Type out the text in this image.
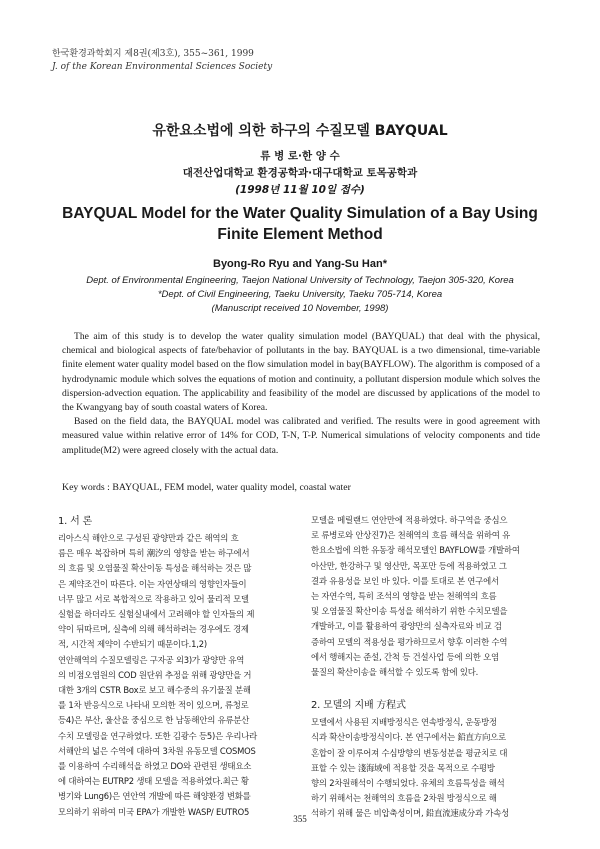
한국환경과학회지 제8권(제3호), 355~361, 1999
J. of the Korean Environmental Sciences Society
유한요소법에 의한 하구의 수질모델 BAYQUAL
류 병 로·한 양 수
대전산업대학교 환경공학과·대구대학교 토목공학과
(1998년 11월 10일 접수)
BAYQUAL Model for the Water Quality Simulation of a Bay Using Finite Element Method
Byong-Ro Ryu and Yang-Su Han*
Dept. of Environmental Engineering, Taejon National University of Technology, Taejon 305-320, Korea
*Dept. of Civil Engineering, Taeku University, Taeku 705-714, Korea
(Manuscript received 10 November, 1998)

The aim of this study is to develop the water quality simulation model (BAYQUAL) that deal with the physical, chemical and biological aspects of fate/behavior of pollutants in the bay. BAYQUAL is a two dimensional, time-variable finite element water quality model based on the flow simulation model in bay(BAYFLOW). The algorithm is composed of a hydrodynamic module which solves the equations of motion and continuity, a pollutant dispersion module which solves the dispersion-advection equation. The applicability and feasibility of the model are discussed by applications of the model to the Kwangyang bay of south coastal waters of Korea.

Based on the field data, the BAYQUAL model was calibrated and verified. The results were in good agreement with measured value within relative error of 14% for COD, T-N, T-P. Numerical simulations of velocity components and tide amplitude(M2) were agreed closely with the actual data.

Key words : BAYQUAL, FEM model, water quality model, coastal water
1. 서 론

리아스식 해안으로 구성된 광양만과 같은 해역의 흐

름은 매우 복잡하며 특히 潮汐의 영향을 받는 하구에서

의 흐름 및 오염물질 확산이동 특성을 해석하는 것은 많

은 제약조건이 따른다. 이는 자연상태의 영향인자들이

너무 많고 서로 복합적으로 작용하고 있어 물리적 모델

실험을 하더라도 실험실내에서 고려해야 할 인자들의 제

약이 뒤따르며, 실측에 의해 해석하려는 경우에도 경제

적, 시간적 제약이 수반되기 때문이다.1,2)

연안해역의 수질모델링은 구자공 외3)가 광양만 유역

의 비점오염원의 COD 원단위 추정을 위해 광양만을 거

대한 3개의 CSTR Box로 보고 해수중의 유기물질 분해

를 1차 반응식으로 나타내 모의한 적이 있으며, 류청로

등4)은 부산, 울산을 중심으로 한 남동해안의 유류분산

수치 모델링을 연구하였다. 또한 김광수 등5)은 우리나라

서해안의 넓은 수역에 대하여 3차원 유동모델 COSMOS

를 이용하여 수리해석을 하였고 DO와 관련된 생태요소

에 대하여는 EUTRP2 생태 모델을 적용하였다.최근 황

병기와 Lung6)은 연안역 개발에 따른 해양환경 변화를

모의하기 위하여 미국 EPA가 개발한 WASP/ EUTRO5

모델을 메릴랜드 연안만에 적용하였다. 하구역을 중심으

로 류병로와 안상진7)은 천해역의 흐름 해석을 위하여 유

한요소법에 의한 유동장 해석모델인 BAYFLOW를 개발하여

아산만, 한강하구 및 영산만, 목포만 등에 적용하였고 그

결과 유용성을 보인 바 있다. 이를 토대로 본 연구에서

는 자연수역, 특히 조석의 영향을 받는 천해역의 흐름

및 오염물질 확산이송 특성을 해석하기 위한 수치모델을

개발하고, 이를 활용하여 광양만의 실측자료와 비교 검

증하여 모델의 적용성을 평가하므로서 향후 이러한 수역

에서 행해지는 준설, 간척 등 건설사업 등에 의한 오염

물질의 확산이송을 해석할 수 있도록 함에 있다.

2. 모델의 지배 方程式

모델에서 사용된 지배방정식은 연속방정식, 운동방정

식과 확산이송방정식이다. 본 연구에서는 鉛直方向으로

혼합이 잘 이루어져 수심방향의 변동성분을 평균치로 대

표할 수 있는 淺海域에 적용할 것을 목적으로 수평방

향의 2차원해석이 수행되었다. 유체의 흐름특성을 해석

하기 위해서는 천해역의 흐름을 2차원 방정식으로 해

석하기 위해 물은 비압축성이며, 鉛直流速成分과 가속성

355
